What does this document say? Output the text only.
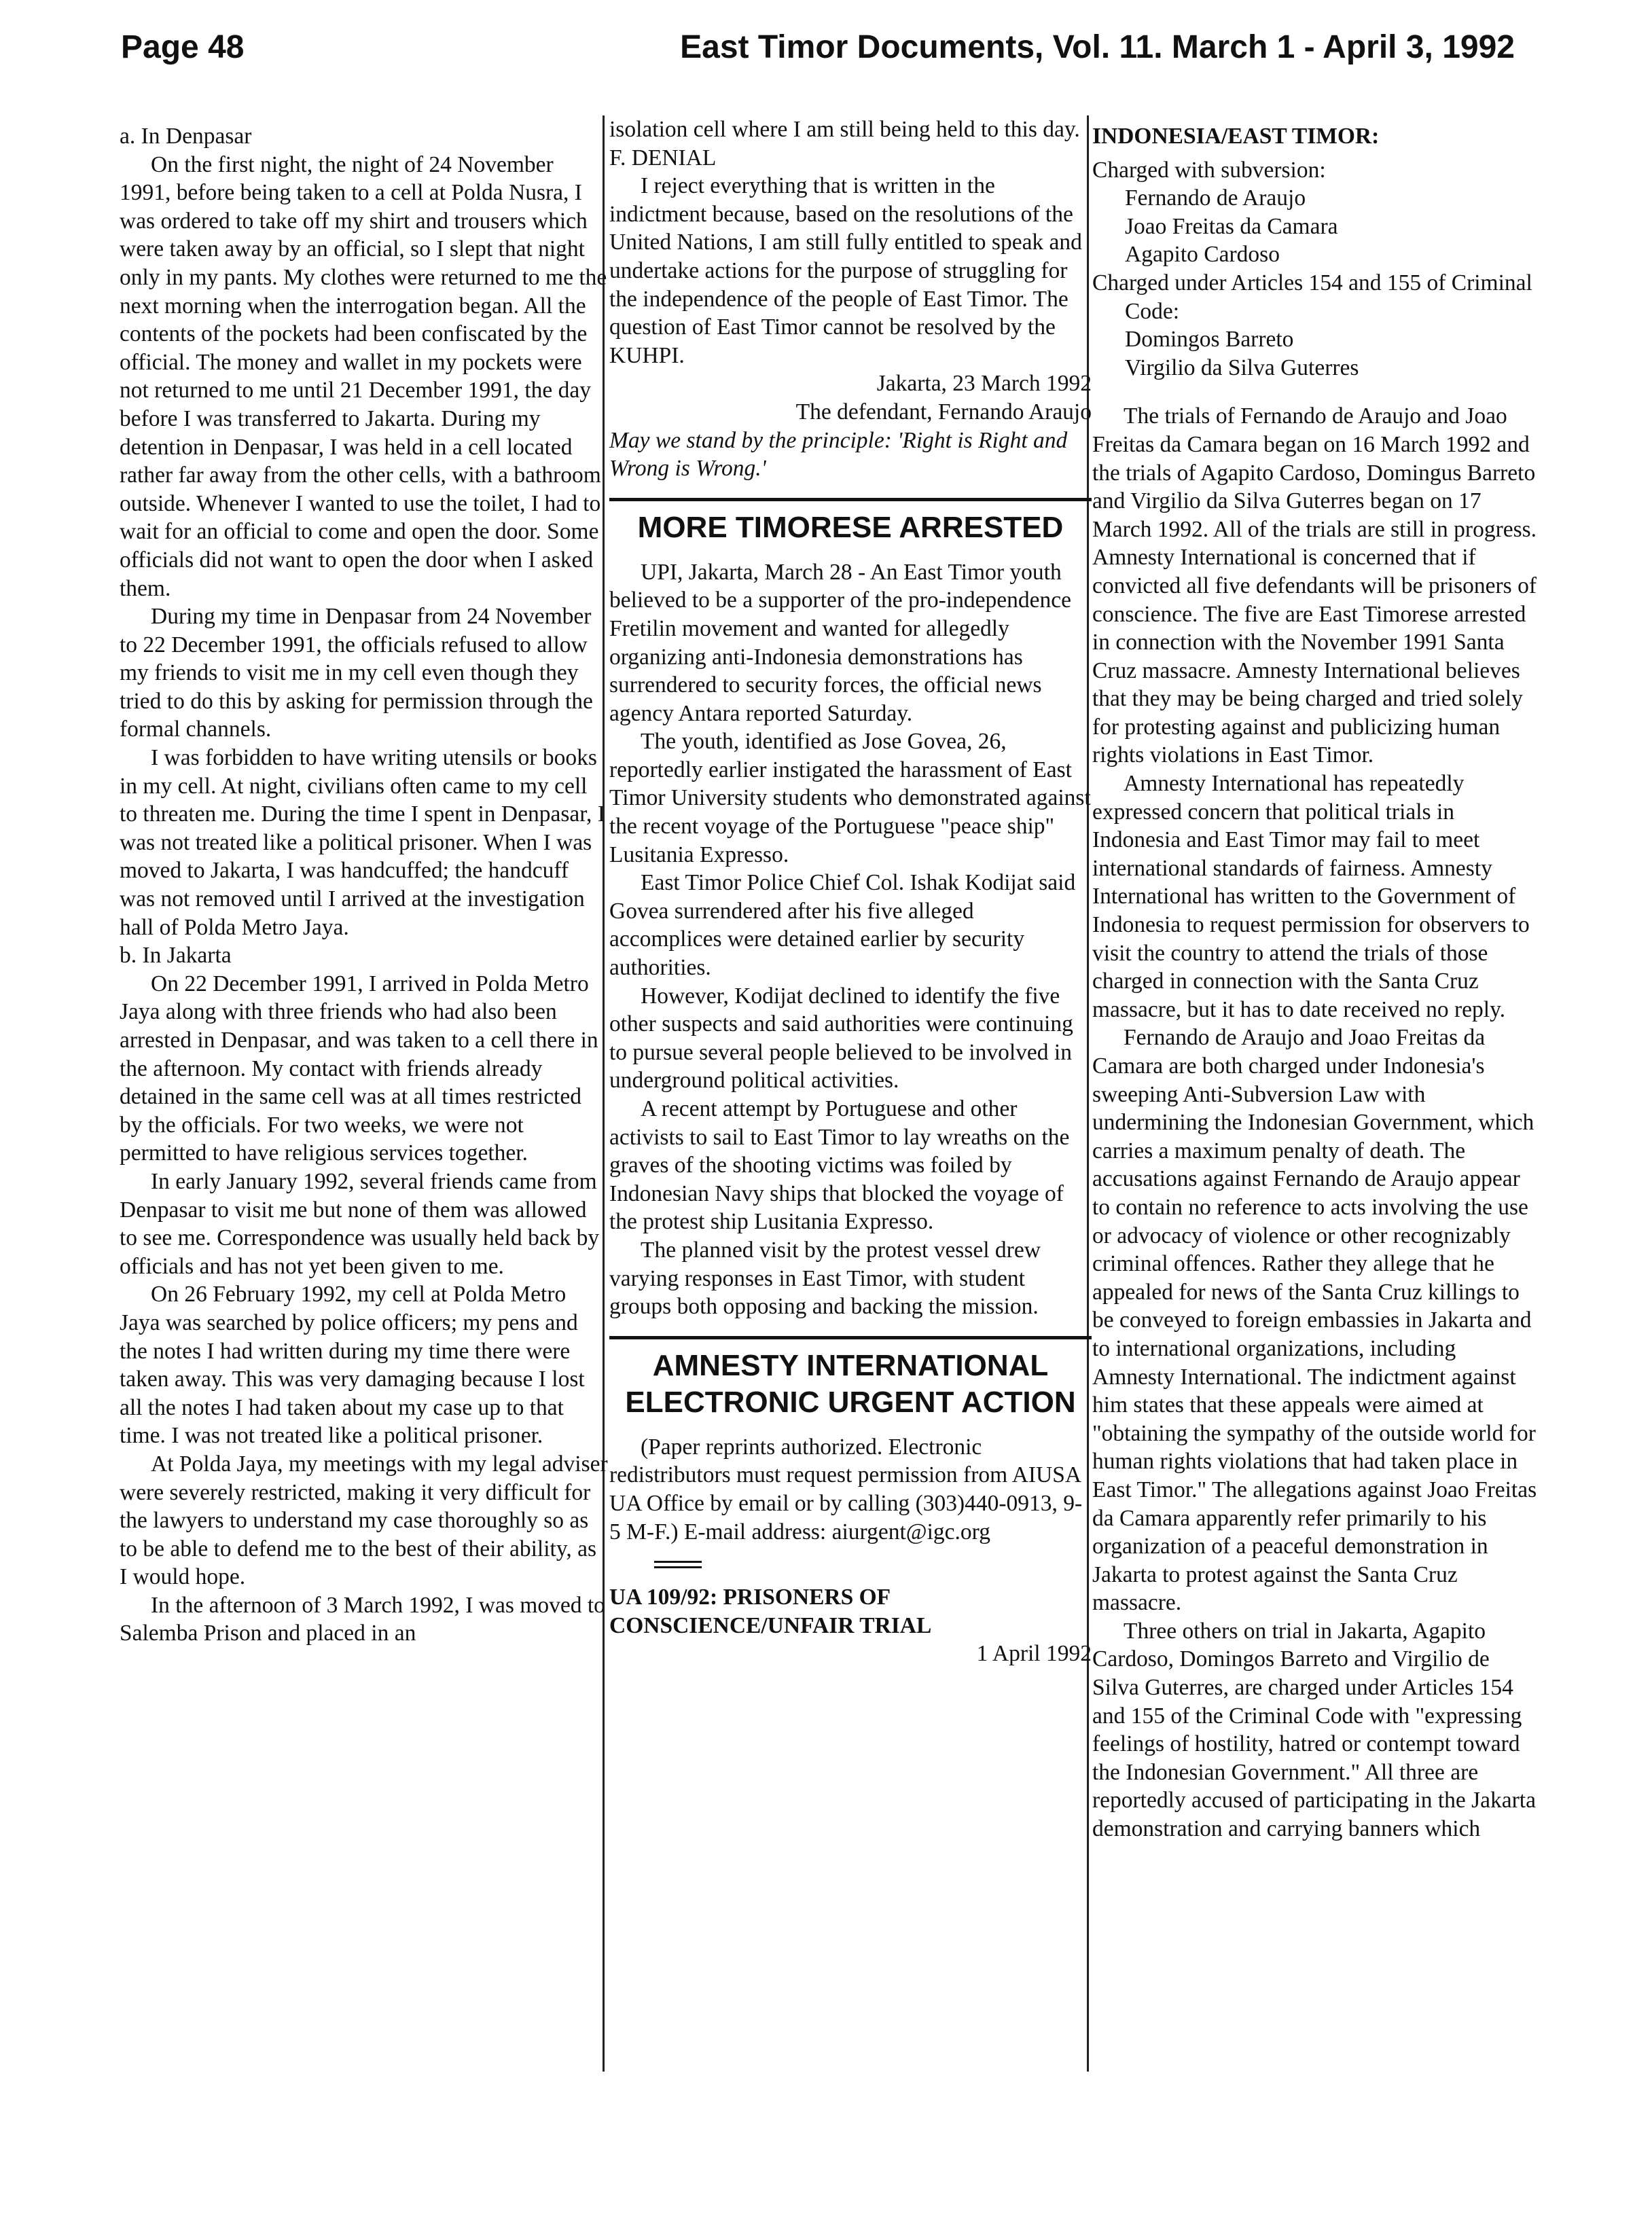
Page 48	East Timor Documents, Vol. 11. March 1 - April 3, 1992

a. In Denpasar

On the first night, the night of 24 November 1991, before being taken to a cell at Polda Nusra, I was ordered to take off my shirt and trousers which were taken away by an official, so I slept that night only in my pants. My clothes were returned to me the next morning when the interrogation began. All the contents of the pockets had been confiscated by the official. The money and wallet in my pockets were not returned to me until 21 December 1991, the day before I was transferred to Jakarta. During my detention in Denpasar, I was held in a cell located rather far away from the other cells, with a bathroom outside. Whenever I wanted to use the toilet, I had to wait for an official to come and open the door. Some officials did not want to open the door when I asked them.

During my time in Denpasar from 24 November to 22 December 1991, the officials refused to allow my friends to visit me in my cell even though they tried to do this by asking for permission through the formal channels.

I was forbidden to have writing utensils or books in my cell. At night, civilians often came to my cell to threaten me. During the time I spent in Denpasar, I was not treated like a political prisoner. When I was moved to Jakarta, I was handcuffed; the handcuff was not removed until I arrived at the investigation hall of Polda Metro Jaya.

b. In Jakarta

On 22 December 1991, I arrived in Polda Metro Jaya along with three friends who had also been arrested in Denpasar, and was taken to a cell there in the afternoon. My contact with friends already detained in the same cell was at all times restricted by the officials. For two weeks, we were not permitted to have religious services together.

In early January 1992, several friends came from Denpasar to visit me but none of them was allowed to see me. Correspondence was usually held back by officials and has not yet been given to me.

On 26 February 1992, my cell at Polda Metro Jaya was searched by police officers; my pens and the notes I had written during my time there were taken away. This was very damaging because I lost all the notes I had taken about my case up to that time. I was not treated like a political prisoner.

At Polda Jaya, my meetings with my legal adviser were severely restricted, making it very difficult for the lawyers to understand my case thoroughly so as to be able to defend me to the best of their ability, as I would hope.

In the afternoon of 3 March 1992, I was moved to Salemba Prison and placed in an

isolation cell where I am still being held to this day.

F. DENIAL

I reject everything that is written in the indictment because, based on the resolutions of the United Nations, I am still fully entitled to speak and undertake actions for the purpose of struggling for the independence of the people of East Timor. The question of East Timor cannot be resolved by the KUHPI.

Jakarta, 23 March 1992

The defendant, Fernando Araujo

May we stand by the principle: 'Right is Right and Wrong is Wrong.'

MORE TIMORESE ARRESTED

UPI, Jakarta, March 28 - An East Timor youth believed to be a supporter of the pro-independence Fretilin movement and wanted for allegedly organizing anti-Indonesia demonstrations has surrendered to security forces, the official news agency Antara reported Saturday.

The youth, identified as Jose Govea, 26, reportedly earlier instigated the harassment of East Timor University students who demonstrated against the recent voyage of the Portuguese "peace ship" Lusitania Expresso.

East Timor Police Chief Col. Ishak Kodijat said Govea surrendered after his five alleged accomplices were detained earlier by security authorities.

However, Kodijat declined to identify the five other suspects and said authorities were continuing to pursue several people believed to be involved in underground political activities.

A recent attempt by Portuguese and other activists to sail to East Timor to lay wreaths on the graves of the shooting victims was foiled by Indonesian Navy ships that blocked the voyage of the protest ship Lusitania Expresso.

The planned visit by the protest vessel drew varying responses in East Timor, with student groups both opposing and backing the mission.

AMNESTY INTERNATIONAL ELECTRONIC URGENT ACTION

(Paper reprints authorized. Electronic redistributors must request permission from AIUSA UA Office by email or by calling (303)440-0913, 9-5 M-F.) E-mail address: aiurgent@igc.org

UA 109/92: PRISONERS OF CONSCIENCE/UNFAIR TRIAL

1 April 1992

INDONESIA/EAST TIMOR:

Charged with subversion:

Fernando de Araujo

Joao Freitas da Camara

Agapito Cardoso

Charged under Articles 154 and 155 of Criminal Code:

Domingos Barreto

Virgilio da Silva Guterres

The trials of Fernando de Araujo and Joao Freitas da Camara began on 16 March 1992 and the trials of Agapito Cardoso, Domingus Barreto and Virgilio da Silva Guterres began on 17 March 1992. All of the trials are still in progress. Amnesty International is concerned that if convicted all five defendants will be prisoners of conscience. The five are East Timorese arrested in connection with the November 1991 Santa Cruz massacre. Amnesty International believes that they may be being charged and tried solely for protesting against and publicizing human rights violations in East Timor.

Amnesty International has repeatedly expressed concern that political trials in Indonesia and East Timor may fail to meet international standards of fairness. Amnesty International has written to the Government of Indonesia to request permission for observers to visit the country to attend the trials of those charged in connection with the Santa Cruz massacre, but it has to date received no reply.

Fernando de Araujo and Joao Freitas da Camara are both charged under Indonesia's sweeping Anti-Subversion Law with undermining the Indonesian Government, which carries a maximum penalty of death. The accusations against Fernando de Araujo appear to contain no reference to acts involving the use or advocacy of violence or other recognizably criminal offences. Rather they allege that he appealed for news of the Santa Cruz killings to be conveyed to foreign embassies in Jakarta and to international organizations, including Amnesty International. The indictment against him states that these appeals were aimed at "obtaining the sympathy of the outside world for human rights violations that had taken place in East Timor." The allegations against Joao Freitas da Camara apparently refer primarily to his organization of a peaceful demonstration in Jakarta to protest against the Santa Cruz massacre.

Three others on trial in Jakarta, Agapito Cardoso, Domingos Barreto and Virgilio de Silva Guterres, are charged under Articles 154 and 155 of the Criminal Code with "expressing feelings of hostility, hatred or contempt toward the Indonesian Government." All three are reportedly accused of participating in the Jakarta demonstration and carrying banners which
